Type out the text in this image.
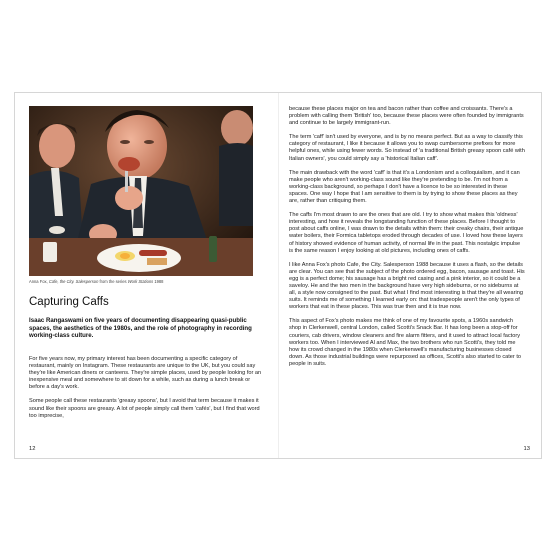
Anna Fox, Cafe, the City. Salesperson from the series Work Stations 1988
Capturing Caffs

Isaac Rangaswami on five years of documenting disappearing quasi-public spaces, the aesthetics of the 1980s, and the role of photography in recording working-class culture.

For five years now, my primary interest has been documenting a specific category of restaurant, mainly on Instagram. These restaurants are unique to the UK, but you could say they're like American diners or canteens. They're simple places, used by people looking for an inexpensive meal and somewhere to sit down for a while, such as during a lunch break or before a day's work.

Some people call these restaurants 'greasy spoons', but I avoid that term because it makes it sound like their spoons are greasy. A lot of people simply call them 'cafés', but I find that word too imprecise,

12

because these places major on tea and bacon rather than coffee and croissants. There's a problem with calling them 'British' too, because these places were often founded by immigrants and continue to be largely immigrant-run.

The term 'caff' isn't used by everyone, and is by no means perfect. But as a way to classify this category of restaurant, I like it because it allows you to swap cumbersome prefixes for more helpful ones, while using fewer words. So instead of 'a traditional British greasy spoon café with Italian owners', you could simply say a 'historical Italian caff'.

The main drawback with the word 'caff' is that it's a Londonism and a colloquialism, and it can make people who aren't working-class sound like they're pretending to be. I'm not from a working-class background, so perhaps I don't have a licence to be so interested in these spaces. One way I hope that I am sensitive to them is by trying to show these places as they are, rather than critiquing them.

The caffs I'm most drawn to are the ones that are old. I try to show what makes this 'oldness' interesting, and how it reveals the longstanding function of these places. Before I thought to post about caffs online, I was drawn to the details within them: their creaky chairs, their antique water boilers, their Formica tabletops eroded through decades of use. I loved how these layers of history showed evidence of human activity, of normal life in the past. This nostalgic impulse is the same reason I enjoy looking at old pictures, including ones of caffs.

I like Anna Fox's photo Cafe, the City. Salesperson 1988 because it uses a flash, so the details are clear. You can see that the subject of the photo ordered egg, bacon, sausage and toast. His egg is a perfect dome; his sausage has a bright red casing and a pink interior, so it could be a saveloy. He and the two men in the background have very high sideburns, or no sideburns at all, a style now consigned to the past. But what I find most interesting is that they're all wearing suits. It reminds me of something I learned early on: that tradespeople aren't the only types of workers that eat in these places. This was true then and it is true now.

This aspect of Fox's photo makes me think of one of my favourite spots, a 1960s sandwich shop in Clerkenwell, central London, called Scotti's Snack Bar. It has long been a stop-off for couriers, cab drivers, window cleaners and fire alarm fitters, and it used to attract local factory workers too. When I interviewed Al and Max, the two brothers who run Scotti's, they told me how its crowd changed in the 1980s when Clerkenwell's manufacturing businesses closed down. As those industrial buildings were repurposed as offices, Scotti's also started to cater to people in suits.

13
